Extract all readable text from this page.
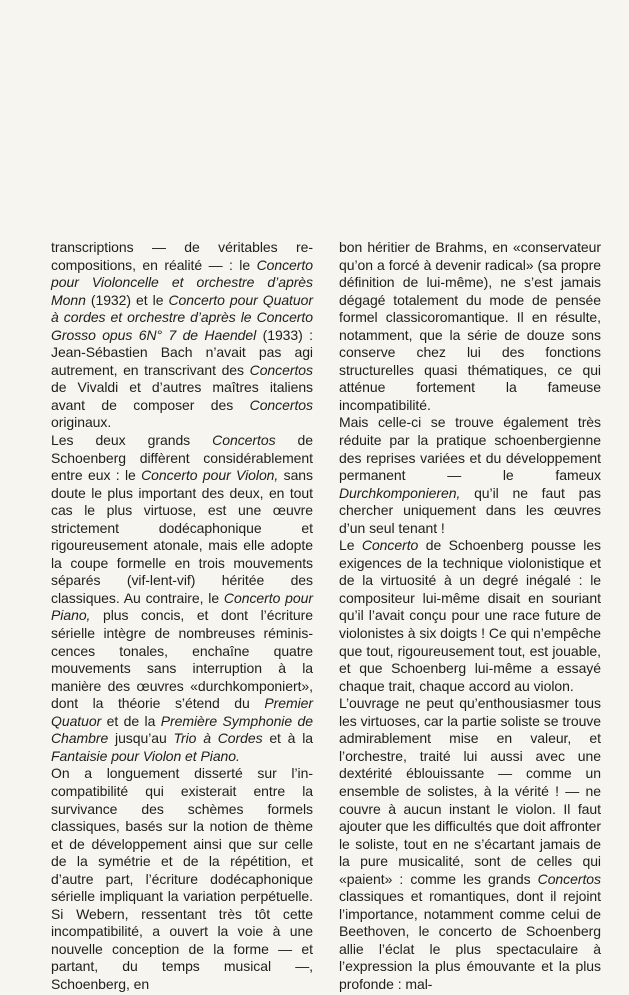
transcriptions — de véritables recompositions, en réalité — : le Concerto pour Violoncelle et orchestre d’après Monn (1932) et le Concerto pour Quatuor à cordes et orchestre d’après le Concerto Grosso opus 6N° 7 de Haendel (1933) : Jean-Sébastien Bach n’avait pas agi autrement, en transcrivant des Concertos de Vivaldi et d’autres maîtres italiens avant de composer des Concertos originaux.

Les deux grands Concertos de Schoenberg diffèrent considérablement entre eux : le Concerto pour Violon, sans doute le plus important des deux, en tout cas le plus virtuose, est une œuvre strictement dodécaphonique et rigoureusement atonale, mais elle adopte la coupe formelle en trois mouvements séparés (vif-lent-vif) héritée des classiques. Au contraire, le Concerto pour Piano, plus concis, et dont l’écriture sérielle intègre de nombreuses réminiscences tonales, enchaîne quatre mouvements sans interruption à la manière des œuvres «durchkomponiert», dont la théorie s’étend du Premier Quatuor et de la Première Symphonie de Chambre jusqu’au Trio à Cordes et à la Fantaisie pour Violon et Piano.

On a longuement disserté sur l’incompatibilité qui existerait entre la survivance des schèmes formels classiques, basés sur la notion de thème et de développement ainsi que sur celle de la symétrie et de la répétition, et d’autre part, l’écriture dodécaphonique sérielle impliquant la variation perpétuelle. Si Webern, ressentant très tôt cette incompatibilité, a ouvert la voie à une nouvelle conception de la forme — et partant, du temps musical —, Schoenberg, en

bon héritier de Brahms, en «conservateur qu’on a forcé à devenir radical» (sa propre définition de lui-même), ne s’est jamais dégagé totalement du mode de pensée formel classicoromantique. Il en résulte, notamment, que la série de douze sons conserve chez lui des fonctions structurelles quasi thématiques, ce qui atténue fortement la fameuse incompatibilité.

Mais celle-ci se trouve également très réduite par la pratique schoenbergienne des reprises variées et du développement permanent — le fameux Durchkomponieren, qu’il ne faut pas chercher uniquement dans les œuvres d’un seul tenant !

Le Concerto de Schoenberg pousse les exigences de la technique violonistique et de la virtuosité à un degré inégalé : le compositeur lui-même disait en souriant qu’il l’avait conçu pour une race future de violonistes à six doigts ! Ce qui n’empêche que tout, rigoureusement tout, est jouable, et que Schoenberg lui-même a essayé chaque trait, chaque accord au violon.

L’ouvrage ne peut qu’enthousiasmer tous les virtuoses, car la partie soliste se trouve admirablement mise en valeur, et l’orchestre, traité lui aussi avec une dextérité éblouissante — comme un ensemble de solistes, à la vérité ! — ne couvre à aucun instant le violon. Il faut ajouter que les difficultés que doit affronter le soliste, tout en ne s’écartant jamais de la pure musicalité, sont de celles qui «paient» : comme les grands Concertos classiques et romantiques, dont il rejoint l’importance, notamment comme celui de Beethoven, le concerto de Schoenberg allie l’éclat le plus spectaculaire à l’expression la plus émouvante et la plus profonde : mal-
